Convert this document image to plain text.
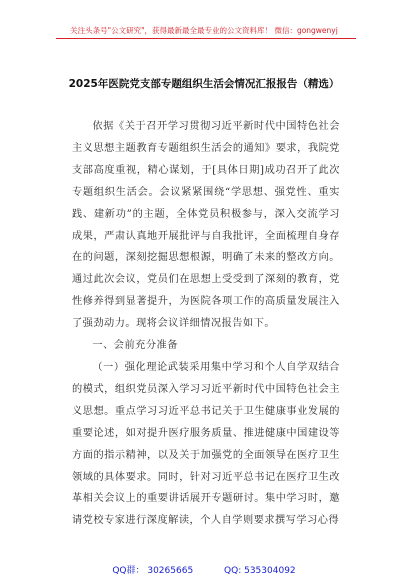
关注头条号"公文研究"，获得最新最全最专业的公文资料库！ 微信：gongwenyj
2025年医院党支部专题组织生活会情况汇报报告（精选）

依据《关于召开学习贯彻习近平新时代中国特色社会主义思想主题教育专题组织生活会的通知》要求，我院党支部高度重视，精心谋划，于[具体日期]成功召开了此次专题组织生活会。会议紧紧围绕“学思想、强党性、重实践、建新功”的主题，全体党员积极参与，深入交流学习成果，严肃认真地开展批评与自我批评，全面梳理自身存在的问题，深刻挖掘思想根源，明确了未来的整改方向。通过此次会议，党员们在思想上受受到了深刻的教育，党性修养得到显著提升，为医院各项工作的高质量发展注入了强劲动力。现将会议详细情况报告如下。

一、会前充分准备

（一）强化理论武装采用集中学习和个人自学双结合的模式，组织党员深入学习习近平新时代中国特色社会主义思想。重点学习习近平总书记关于卫生健康事业发展的重要论述，如对提升医疗服务质量、推进健康中国建设等方面的指示精神，以及关于加强党的全面领导在医疗卫生领域的具体要求。同时，针对习近平总书记在医疗卫生改革相关会议上的重要讲话展开专题研讨。集中学习时，邀请党校专家进行深度解读，个人自学则要求撰写学习心得

QQ群： 30265665	QQ: 535304092
